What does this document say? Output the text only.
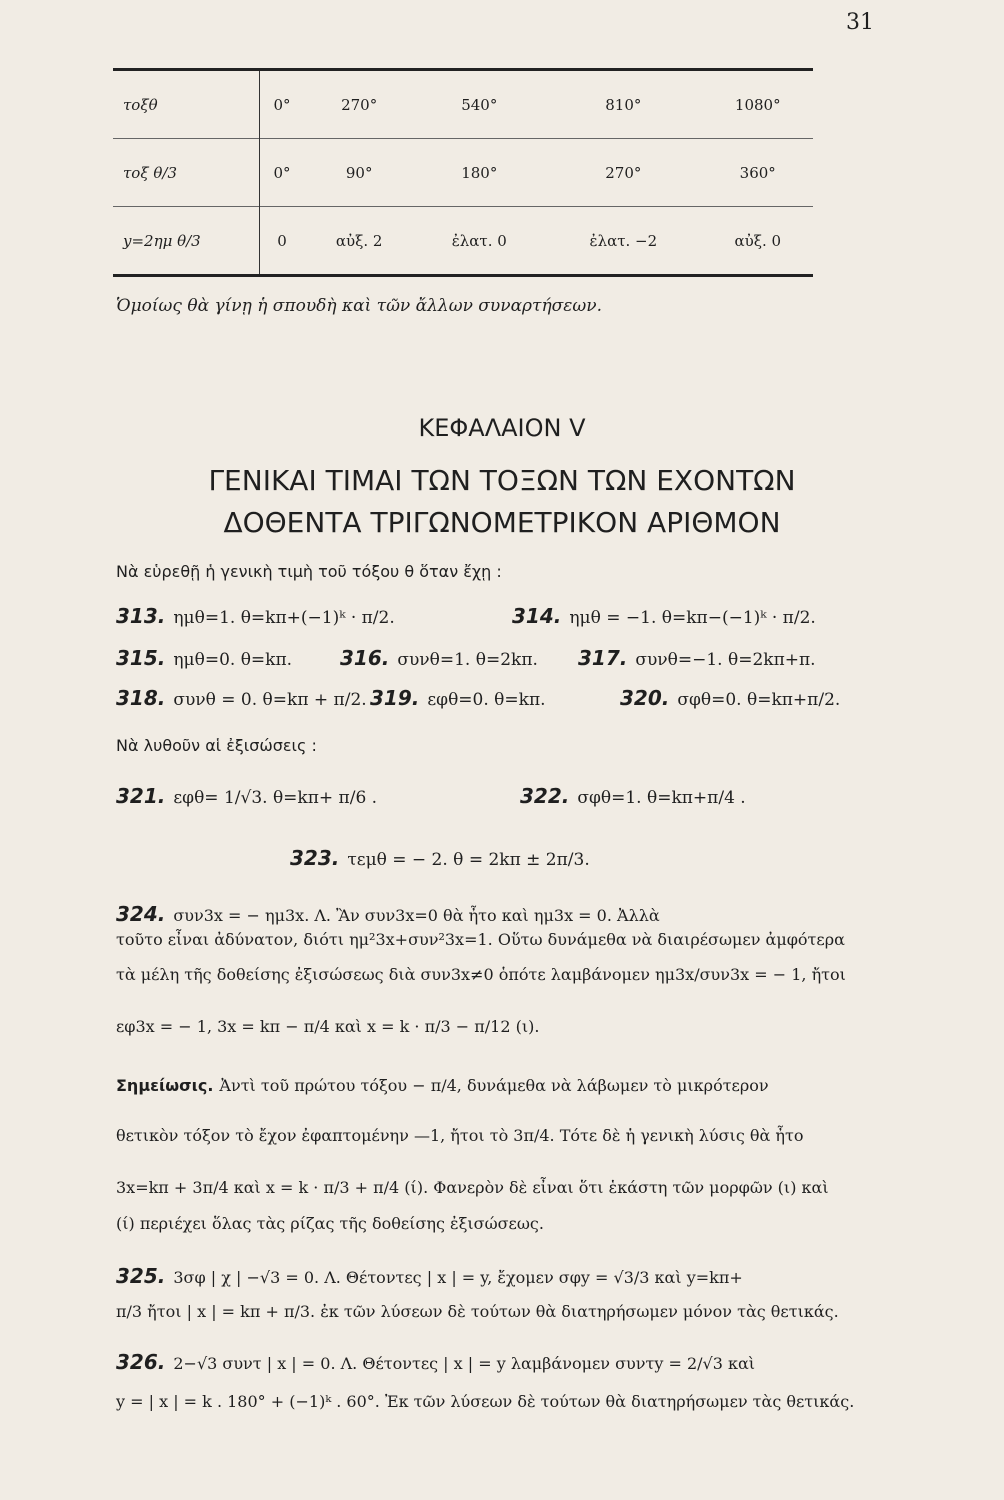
31
τοξθ	0°	270°	540°	810°	1080°
τοξ θ/3	0°	90°	180°	270°	360°
y=2ημ θ/3	0	αὐξ. 2	ἐλατ. 0	ἐλατ. −2	αὐξ. 0
Ὁμοίως θὰ γίνῃ ἡ σπουδὴ καὶ τῶν ἄλλων συναρτήσεων.
ΚΕΦΑΛΑΙΟΝ V
ΓΕΝΙΚΑΙ ΤΙΜΑΙ ΤΩΝ ΤΟΞΩΝ ΤΩΝ ΕΧΟΝΤΩΝ
ΔΟΘΕΝΤΑ ΤΡΙΓΩΝΟΜΕΤΡΙΚΟΝ ΑΡΙΘΜΟΝ
Νὰ εὑρεθῇ ἡ γενικὴ τιμὴ τοῦ τόξου θ ὅταν ἔχῃ :
313. ημθ=1. θ=kπ+(−1)ᵏ · π/2.	314. ημθ = −1. θ=kπ−(−1)ᵏ · π/2.
315. ημθ=0. θ=kπ. 316. συνθ=1. θ=2kπ. 317. συνθ=−1. θ=2kπ+π.
318. συνθ = 0. θ=kπ + π/2. 319. εφθ=0. θ=kπ.	320. σφθ=0. θ=kπ+π/2.
Νὰ λυθοῦν αἱ ἐξισώσεις :
321. εφθ= 1/√3. θ=kπ+ π/6 .	322. σφθ=1. θ=kπ+π/4 .
323. τεμθ = − 2. θ = 2kπ ± 2π/3.
324. συν3x = − ημ3x. Λ. Ἂν συν3x=0 θὰ ἦτο καὶ ημ3x = 0. Ἀλλὰ
τοῦτο εἶναι ἀδύνατον, διότι ημ²3x+συν²3x=1. Οὕτω δυνάμεθα νὰ διαιρέσωμεν ἀμφότερα
τὰ μέλη τῆς δοθείσης ἐξισώσεως διὰ συν3x≠0 ὁπότε λαμβάνομεν ημ3x/συν3x = − 1, ἤτοι
εφ3x = − 1, 3x = kπ − π/4 καὶ x = k · π/3 − π/12 (ι).
Σημείωσις. Ἀντὶ τοῦ πρώτου τόξου − π/4, δυνάμεθα νὰ λάβωμεν τὸ μικρότερον
θετικὸν τόξον τὸ ἔχον ἐφαπτομένην —1, ἤτοι τὸ 3π/4. Τότε δὲ ἡ γενικὴ λύσις θὰ ἦτο
3x=kπ + 3π/4 καὶ x = k · π/3 + π/4 (ί). Φανερὸν δὲ εἶναι ὅτι ἑκάστη τῶν μορφῶν (ι) καὶ
(ί) περιέχει ὅλας τὰς ρίζας τῆς δοθείσης ἐξισώσεως.
325. 3σφ | χ | −√3 = 0. Λ. Θέτοντες | x | = y, ἔχομεν σφy = √3/3 καὶ y=kπ+
π/3 ἤτοι | x | = kπ + π/3. ἐκ τῶν λύσεων δὲ τούτων θὰ διατηρήσωμεν μόνον τὰς θετικάς.
326. 2−√3 συντ | x | = 0. Λ. Θέτοντες | x | = y λαμβάνομεν συντy = 2/√3 καὶ
y = | x | = k . 180° + (−1)ᵏ . 60°. Ἐκ τῶν λύσεων δὲ τούτων θὰ διατηρήσωμεν τὰς θετικάς.
